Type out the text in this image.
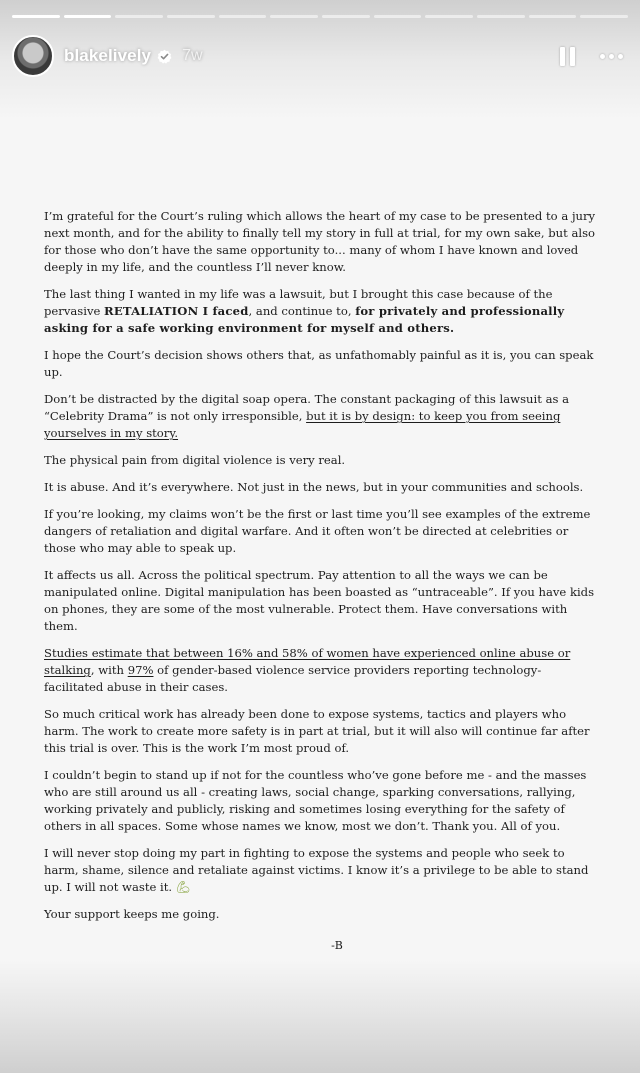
blakelively 7w

I’m grateful for the Court’s ruling which allows the heart of my case to be presented to a jury next month, and for the ability to finally tell my story in full at trial, for my own sake, but also for those who don’t have the same opportunity to... many of whom I have known and loved deeply in my life, and the countless I’ll never know.

The last thing I wanted in my life was a lawsuit, but I brought this case because of the pervasive RETALIATION I faced, and continue to, for privately and professionally asking for a safe working environment for myself and others.

I hope the Court’s decision shows others that, as unfathomably painful as it is, you can speak up.

Don’t be distracted by the digital soap opera. The constant packaging of this lawsuit as a “Celebrity Drama” is not only irresponsible, but it is by design: to keep you from seeing yourselves in my story.

The physical pain from digital violence is very real.

It is abuse. And it’s everywhere. Not just in the news, but in your communities and schools.

If you’re looking, my claims won’t be the first or last time you’ll see examples of the extreme dangers of retaliation and digital warfare. And it often won’t be directed at celebrities or those who may able to speak up.

It affects us all. Across the political spectrum. Pay attention to all the ways we can be manipulated online. Digital manipulation has been boasted as “untraceable”. If you have kids on phones, they are some of the most vulnerable. Protect them. Have conversations with them.

Studies estimate that between 16% and 58% of women have experienced online abuse or stalking, with 97% of gender-based violence service providers reporting technology-facilitated abuse in their cases.

So much critical work has already been done to expose systems, tactics and players who harm. The work to create more safety is in part at trial, but it will also will continue far after this trial is over. This is the work I’m most proud of.

I couldn’t begin to stand up if not for the countless who’ve gone before me - and the masses who are still around us all - creating laws, social change, sparking conversations, rallying, working privately and publicly, risking and sometimes losing everything for the safety of others in all spaces. Some whose names we know, most we don’t. Thank you. All of you.

I will never stop doing my part in fighting to expose the systems and people who seek to harm, shame, silence and retaliate against victims. I know it’s a privilege to be able to stand up. I will not waste it. 💪︎

Your support keeps me going.

-B
